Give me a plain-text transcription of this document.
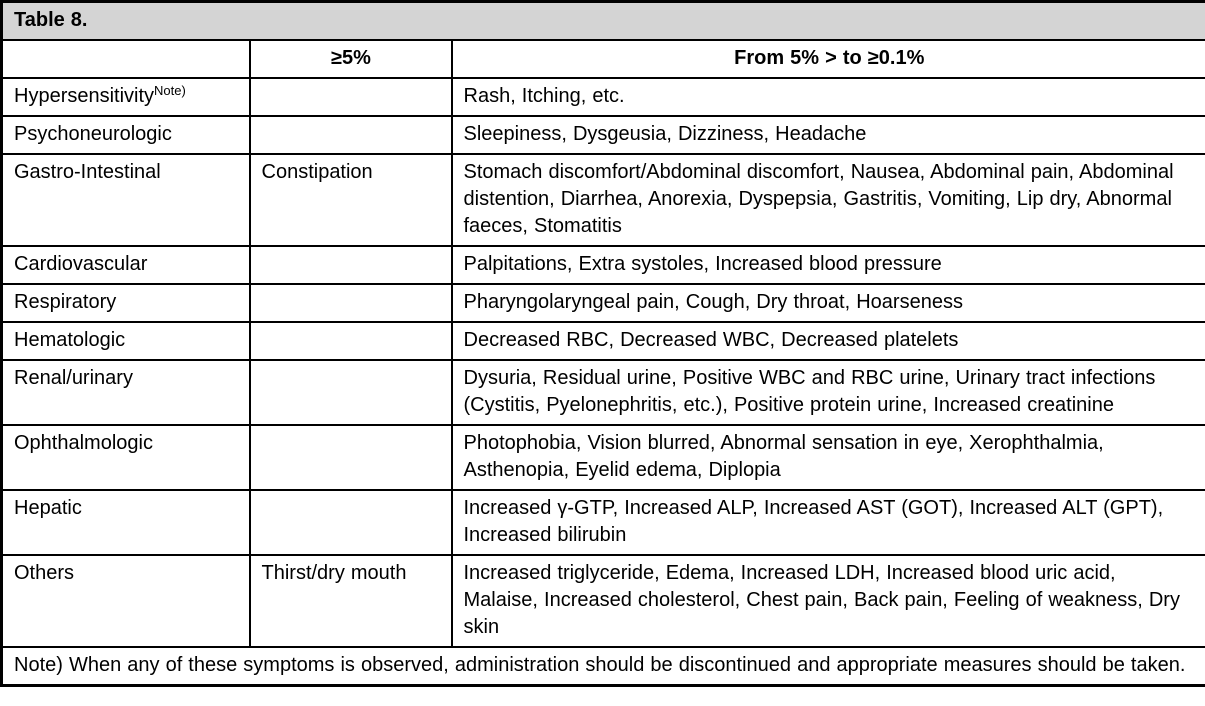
Table 8.		
	≥5%	From 5% > to ≥0.1%
Hypersensitivity$^{Note)}$		Rash, Itching, etc.
Psychoneurologic		Sleepiness, Dysgeusia, Dizziness, Headache
Gastro-Intestinal	Constipation	Stomach discomfort/Abdominal discomfort, Nausea, Abdominal pain, Abdominal distention, Diarrhea, Anorexia, Dyspepsia, Gastritis, Vomiting, Lip dry, Abnormal faeces, Stomatitis
Cardiovascular		Palpitations, Extra systoles, Increased blood pressure
Respiratory		Pharyngolaryngeal pain, Cough, Dry throat, Hoarseness
Hematologic		Decreased RBC, Decreased WBC, Decreased platelets
Renal/urinary		Dysuria, Residual urine, Positive WBC and RBC urine, Urinary tract infections (Cystitis, Pyelonephritis, etc.), Positive protein urine, Increased creatinine
Ophthalmologic		Photophobia, Vision blurred, Abnormal sensation in eye, Xerophthalmia, Asthenopia, Eyelid edema, Diplopia
Hepatic		Increased γ-GTP, Increased ALP, Increased AST (GOT), Increased ALT (GPT), Increased bilirubin
Others	Thirst/dry mouth	Increased triglyceride, Edema, Increased LDH, Increased blood uric acid, Malaise, Increased cholesterol, Chest pain, Back pain, Feeling of weakness, Dry skin
Note) When any of these symptoms is observed, administration should be discontinued and appropriate measures should be taken.		
